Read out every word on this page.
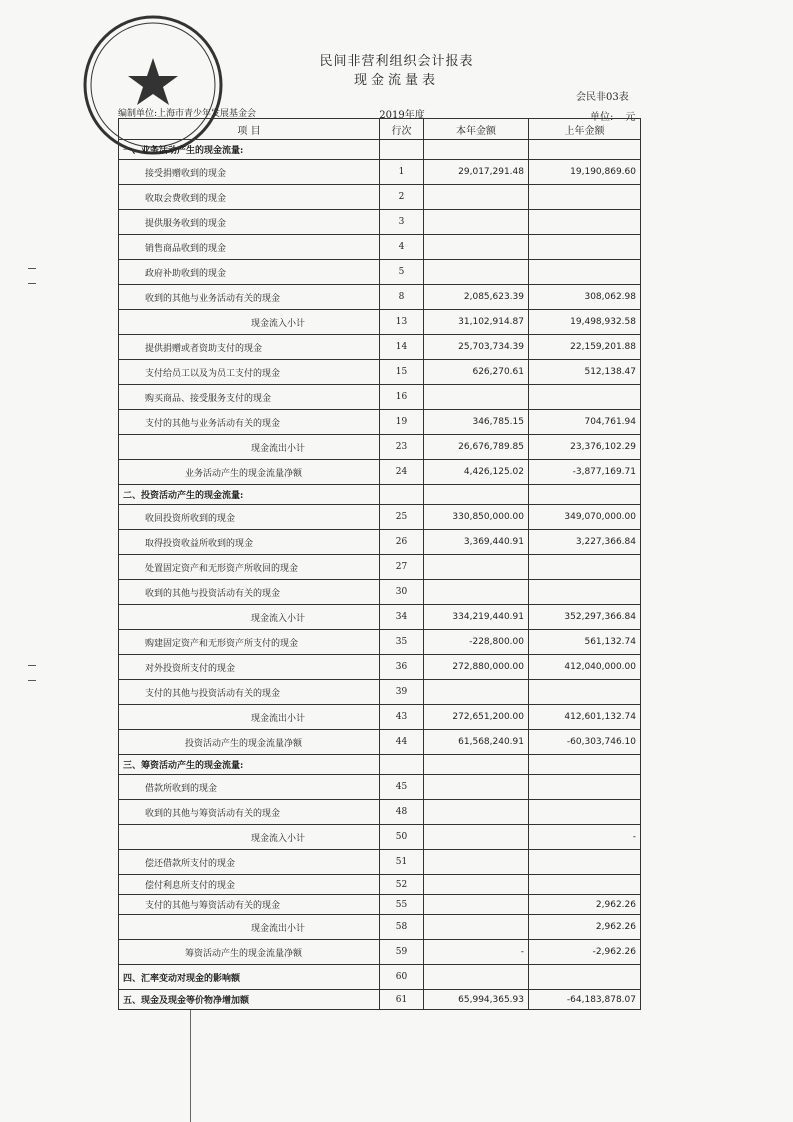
民间非营利组织会计报表
现金流量表
会民非03表
单位: 元
编制单位:上海市青少年发展基金会	2019年度
项 目	行次	本年金额	上年金额
一、业务活动产生的现金流量:			
接受捐赠收到的现金	1	29,017,291.48	19,190,869.60
收取会费收到的现金	2		
提供服务收到的现金	3		
销售商品收到的现金	4		
政府补助收到的现金	5		
收到的其他与业务活动有关的现金	8	2,085,623.39	308,062.98
现金流入小计	13	31,102,914.87	19,498,932.58
提供捐赠或者资助支付的现金	14	25,703,734.39	22,159,201.88
支付给员工以及为员工支付的现金	15	626,270.61	512,138.47
购买商品、接受服务支付的现金	16		
支付的其他与业务活动有关的现金	19	346,785.15	704,761.94
现金流出小计	23	26,676,789.85	23,376,102.29
业务活动产生的现金流量净额	24	4,426,125.02	-3,877,169.71
二、投资活动产生的现金流量:			
收回投资所收到的现金	25	330,850,000.00	349,070,000.00
取得投资收益所收到的现金	26	3,369,440.91	3,227,366.84
处置固定资产和无形资产所收回的现金	27		
收到的其他与投资活动有关的现金	30		
现金流入小计	34	334,219,440.91	352,297,366.84
购建固定资产和无形资产所支付的现金	35	-228,800.00	561,132.74
对外投资所支付的现金	36	272,880,000.00	412,040,000.00
支付的其他与投资活动有关的现金	39		
现金流出小计	43	272,651,200.00	412,601,132.74
投资活动产生的现金流量净额	44	61,568,240.91	-60,303,746.10
三、筹资活动产生的现金流量:			
借款所收到的现金	45		
收到的其他与筹资活动有关的现金	48		
现金流入小计	50		-
偿还借款所支付的现金	51		
偿付利息所支付的现金	52		
支付的其他与筹资活动有关的现金	55		2,962.26
现金流出小计	58		2,962.26
筹资活动产生的现金流量净额	59	-	-2,962.26
四、汇率变动对现金的影响额	60		
五、现金及现金等价物净增加额	61	65,994,365.93	-64,183,878.07
